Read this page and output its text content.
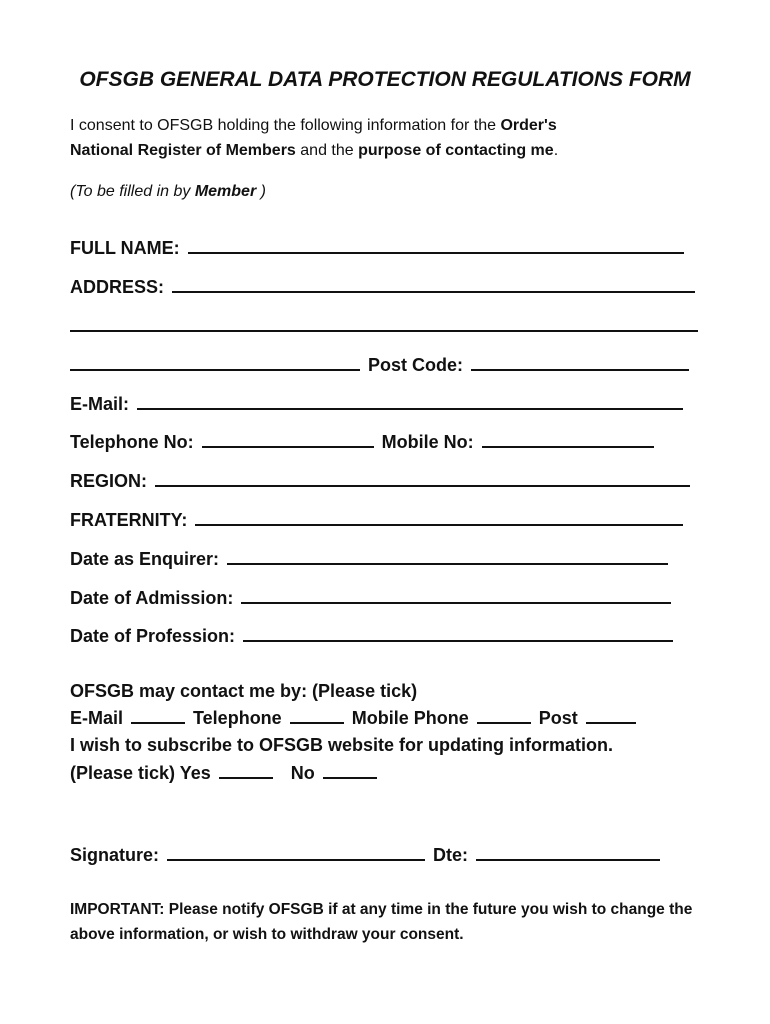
OFSGB GENERAL DATA PROTECTION REGULATIONS FORM
I consent to OFSGB holding the following information for the Order's
National Register of Members and the purpose of contacting me.
(To be filled in by Member )
FULL NAME:
ADDRESS:
Post Code:
E-Mail:
Telephone No:	Mobile No:
REGION:
FRATERNITY:
Date as Enquirer:
Date of Admission:
Date of Profession:
OFSGB may contact me by: (Please tick)
E-Mail	Telephone	Mobile Phone	Post
I wish to subscribe to OFSGB website for updating information.
(Please tick) Yes	No
Signature:	Dte:
IMPORTANT: Please notify OFSGB if at any time in the future you wish to change the above information, or wish to withdraw your consent.
